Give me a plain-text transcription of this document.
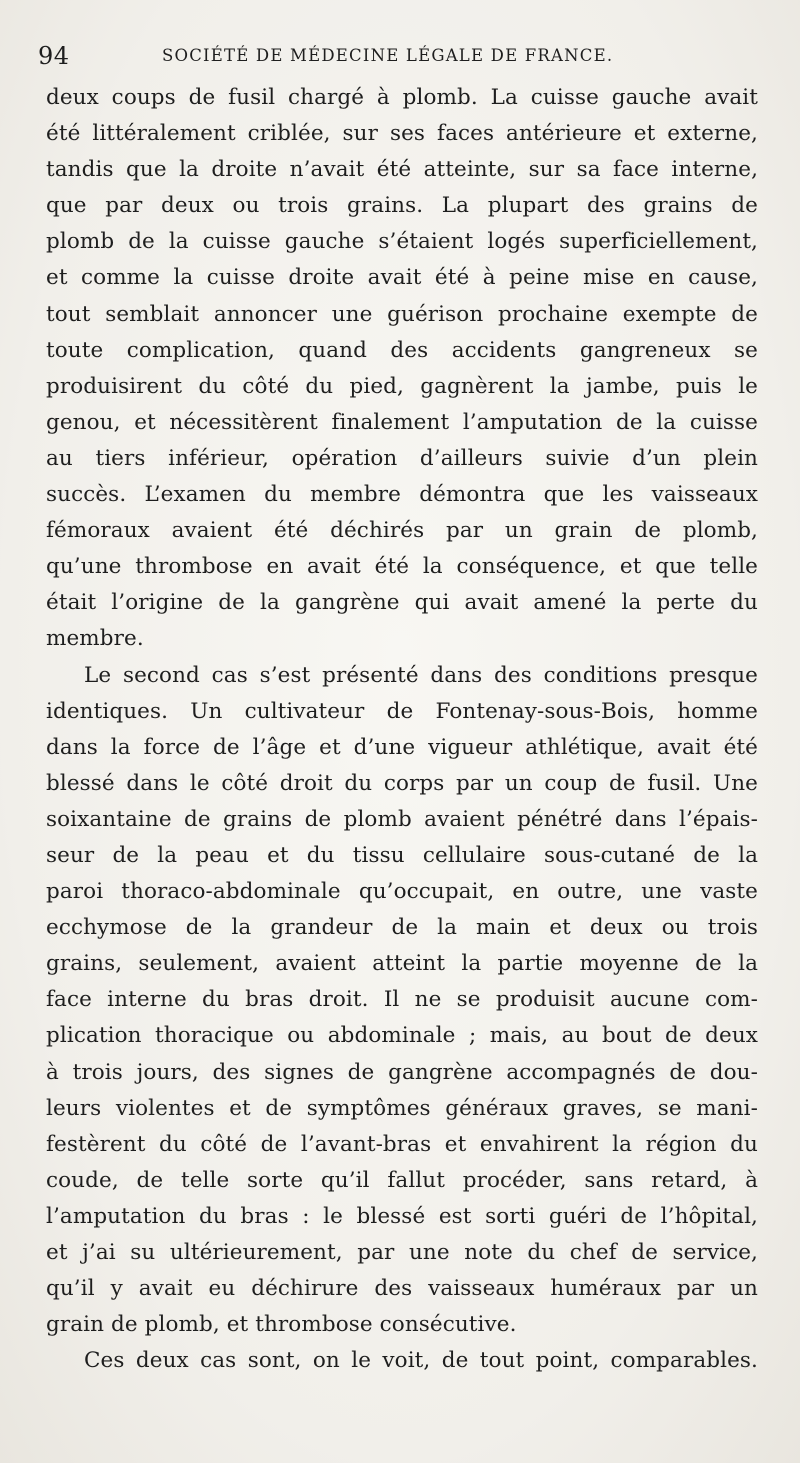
94	SOCIÉTÉ DE MÉDECINE LÉGALE DE FRANCE.
deux coups de fusil chargé à plomb. La cuisse gauche avait
été littéralement criblée, sur ses faces antérieure et externe,
tandis que la droite n’avait été atteinte, sur sa face interne,
que par deux ou trois grains. La plupart des grains de
plomb de la cuisse gauche s’étaient logés superficiellement,
et comme la cuisse droite avait été à peine mise en cause,
tout semblait annoncer une guérison prochaine exempte de
toute complication, quand des accidents gangreneux se
produisirent du côté du pied, gagnèrent la jambe, puis le
genou, et nécessitèrent finalement l’amputation de la cuisse
au tiers inférieur, opération d’ailleurs suivie d’un plein
succès. L’examen du membre démontra que les vaisseaux
fémoraux avaient été déchirés par un grain de plomb,
qu’une thrombose en avait été la conséquence, et que telle
était l’origine de la gangrène qui avait amené la perte du
membre.
Le second cas s’est présenté dans des conditions presque
identiques. Un cultivateur de Fontenay-sous-Bois, homme
dans la force de l’âge et d’une vigueur athlétique, avait été
blessé dans le côté droit du corps par un coup de fusil. Une
soixantaine de grains de plomb avaient pénétré dans l’épais-
seur de la peau et du tissu cellulaire sous-cutané de la
paroi thoraco-abdominale qu’occupait, en outre, une vaste
ecchymose de la grandeur de la main et deux ou trois
grains, seulement, avaient atteint la partie moyenne de la
face interne du bras droit. Il ne se produisit aucune com-
plication thoracique ou abdominale ; mais, au bout de deux
à trois jours, des signes de gangrène accompagnés de dou-
leurs violentes et de symptômes généraux graves, se mani-
festèrent du côté de l’avant-bras et envahirent la région du
coude, de telle sorte qu’il fallut procéder, sans retard, à
l’amputation du bras : le blessé est sorti guéri de l’hôpital,
et j’ai su ultérieurement, par une note du chef de service,
qu’il y avait eu déchirure des vaisseaux huméraux par un
grain de plomb, et thrombose consécutive.
Ces deux cas sont, on le voit, de tout point, comparables.
